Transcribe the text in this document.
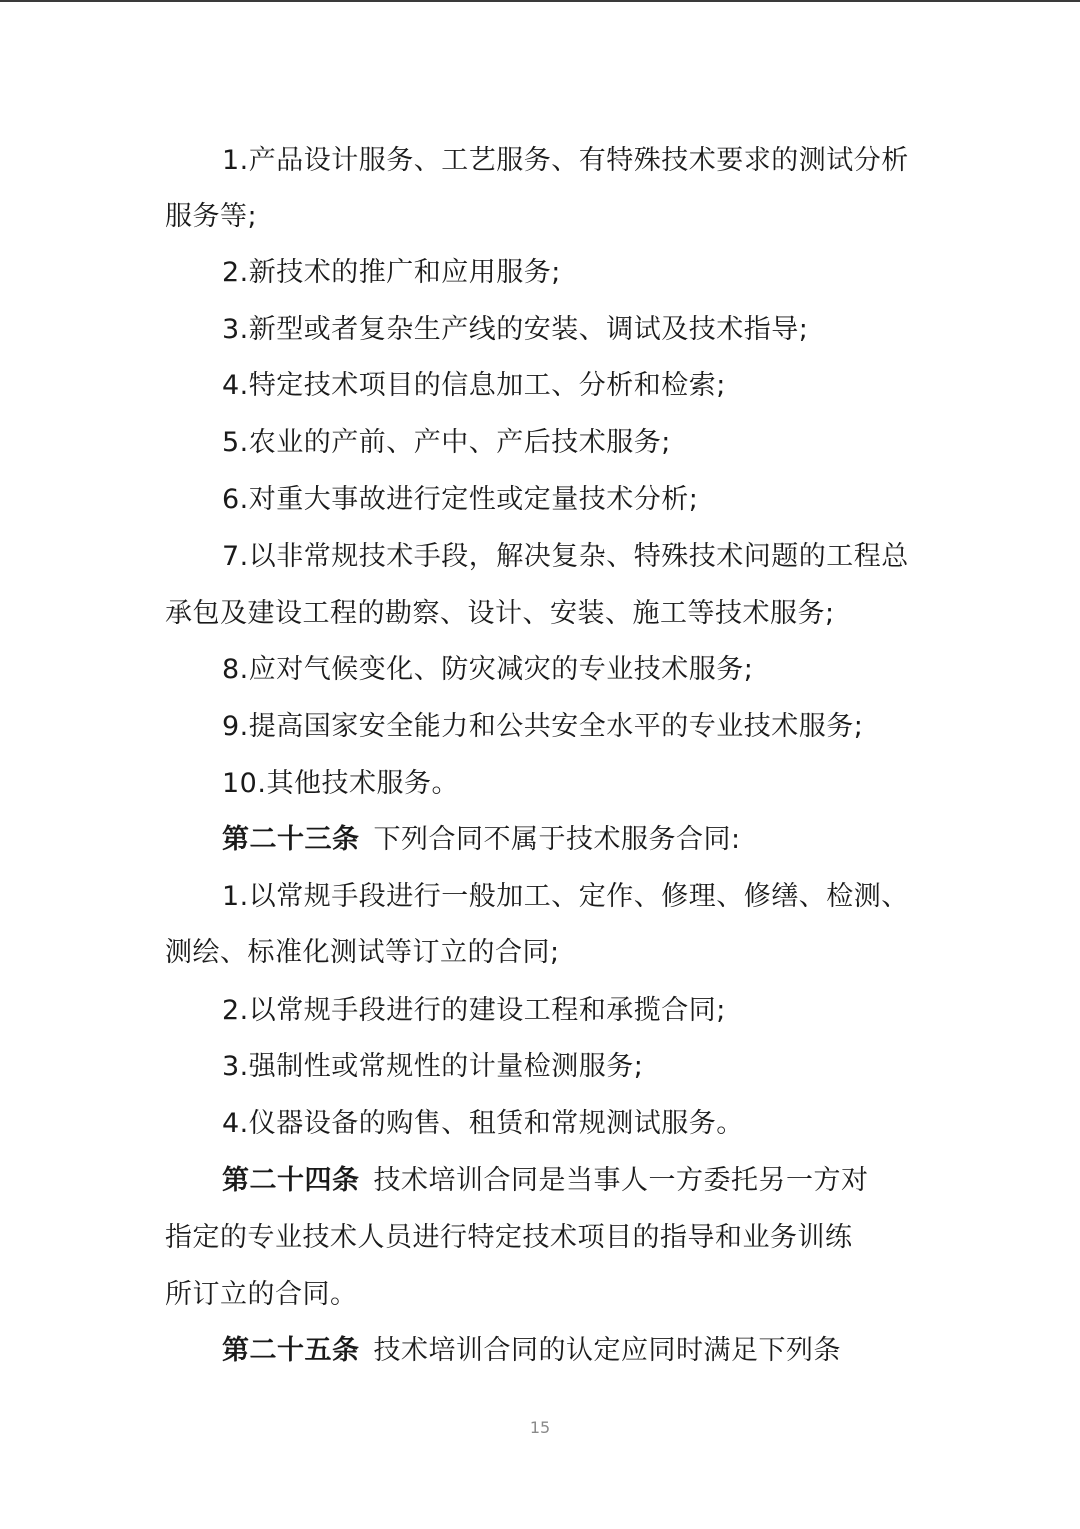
1.产品设计服务、工艺服务、有特殊技术要求的测试分析
服务等;
2.新技术的推广和应用服务;
3.新型或者复杂生产线的安装、调试及技术指导;
4.特定技术项目的信息加工、分析和检索;
5.农业的产前、产中、产后技术服务;
6.对重大事故进行定性或定量技术分析;
7.以非常规技术手段，解决复杂、特殊技术问题的工程总
承包及建设工程的勘察、设计、安装、施工等技术服务;
8.应对气候变化、防灾减灾的专业技术服务;
9.提高国家安全能力和公共安全水平的专业技术服务;
10.其他技术服务。
第二十三条 下列合同不属于技术服务合同:
1.以常规手段进行一般加工、定作、修理、修缮、检测、
测绘、标准化测试等订立的合同;
2.以常规手段进行的建设工程和承揽合同;
3.强制性或常规性的计量检测服务;
4.仪器设备的购售、租赁和常规测试服务。
第二十四条 技术培训合同是当事人一方委托另一方对
指定的专业技术人员进行特定技术项目的指导和业务训练
所订立的合同。
第二十五条 技术培训合同的认定应同时满足下列条
15
